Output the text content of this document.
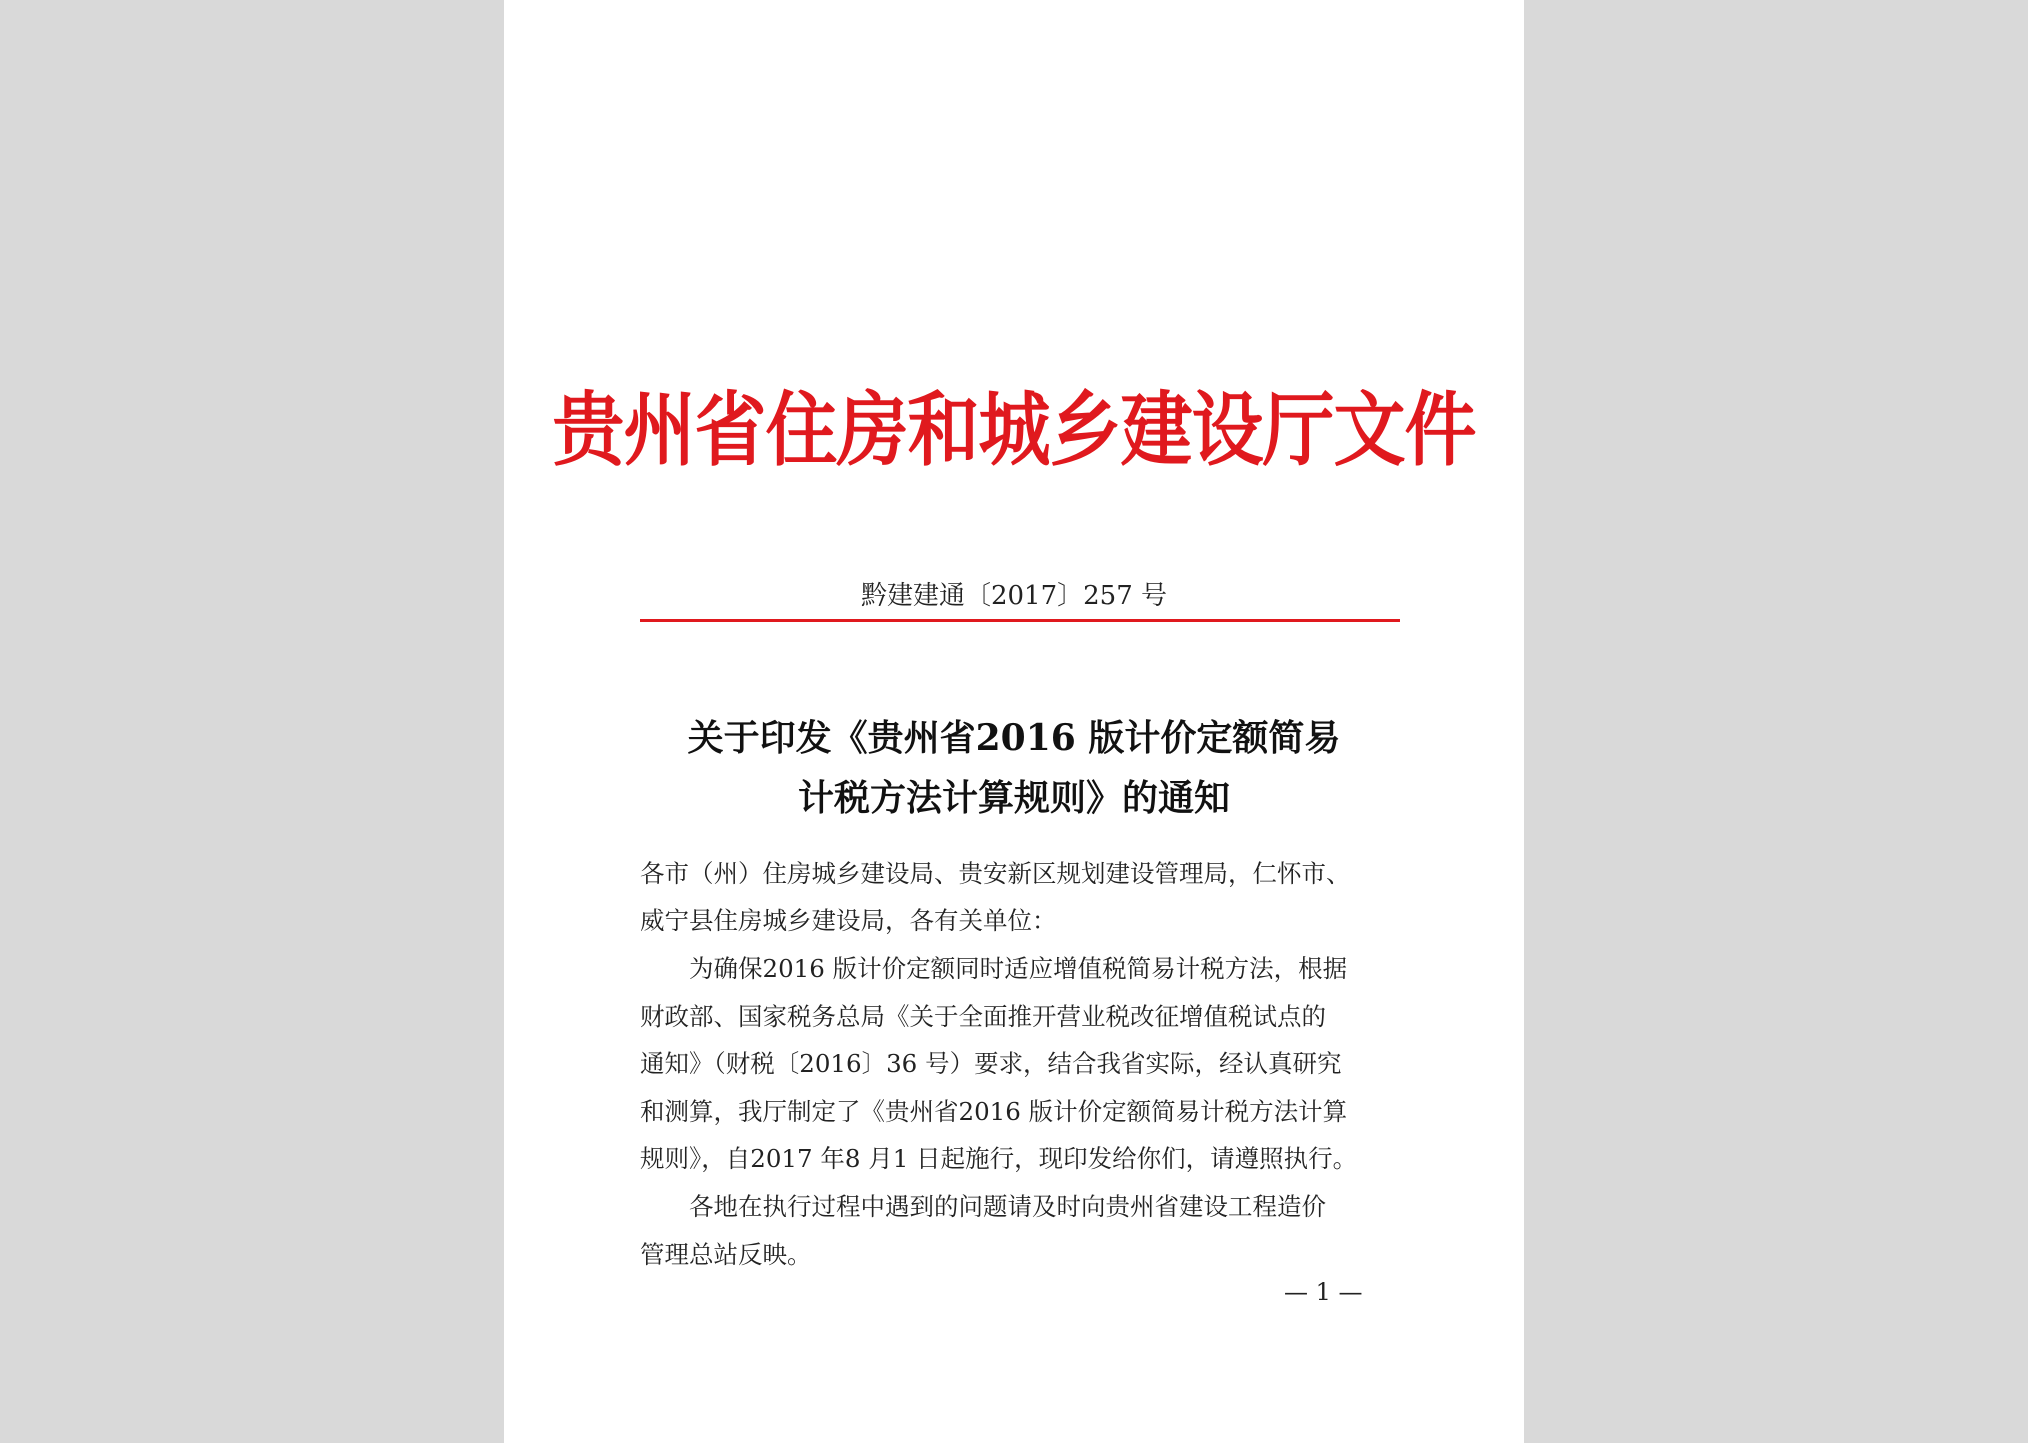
贵州省住房和城乡建设厅文件
黔建建通〔2017〕257 号
关于印发《贵州省2016 版计价定额简易
计税方法计算规则》的通知
各市（州）住房城乡建设局、贵安新区规划建设管理局，仁怀市、
威宁县住房城乡建设局，各有关单位：
　　为确保2016 版计价定额同时适应增值税简易计税方法，根据
财政部、国家税务总局《关于全面推开营业税改征增值税试点的
通知》（财税〔2016〕36 号）要求，结合我省实际，经认真研究
和测算，我厅制定了《贵州省2016 版计价定额简易计税方法计算
规则》，自2017 年8 月1 日起施行，现印发给你们，请遵照执行。
　　各地在执行过程中遇到的问题请及时向贵州省建设工程造价
管理总站反映。
— 1 —
